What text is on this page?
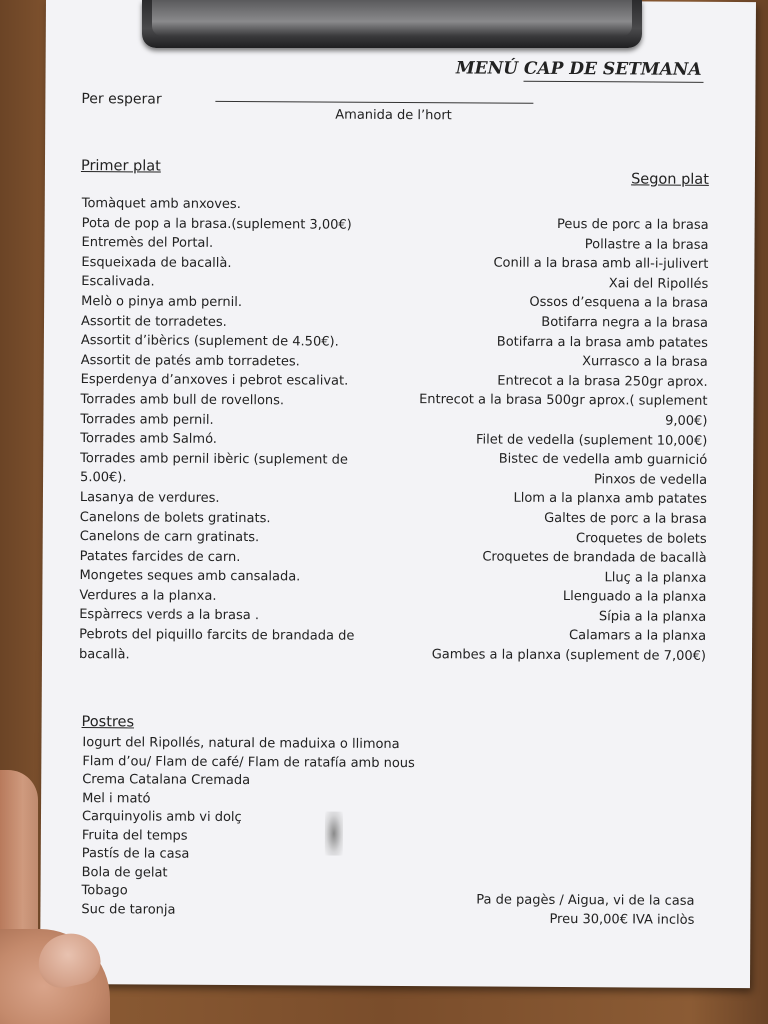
MENÚ CAP DE SETMANA
Per esperar
Amanida de l’hort
Primer plat
Tomàquet amb anxoves.
Pota de pop a la brasa.(suplement 3,00€)
Entremès del Portal.
Esqueixada de bacallà.
Escalivada.
Melò o pinya amb pernil.
Assortit de torradetes.
Assortit d’ibèrics (suplement de 4.50€).
Assortit de patés amb torradetes.
Esperdenya d’anxoves i pebrot escalivat.
Torrades amb bull de rovellons.
Torrades amb pernil.
Torrades amb Salmó.
Torrades amb pernil ibèric (suplement de
5.00€).
Lasanya de verdures.
Canelons de bolets gratinats.
Canelons de carn gratinats.
Patates farcides de carn.
Mongetes seques amb cansalada.
Verdures a la planxa.
Espàrrecs verds a la brasa .
Pebrots del piquillo farcits de brandada de
bacallà.
Segon plat
Peus de porc a la brasa
Pollastre a la brasa
Conill a la brasa amb all-i-julivert
Xai del Ripollés
Ossos d’esquena a la brasa
Botifarra negra a la brasa
Botifarra a la brasa amb patates
Xurrasco a la brasa
Entrecot a la brasa 250gr aprox.
Entrecot a la brasa 500gr aprox.( suplement
9,00€)
Filet de vedella (suplement 10,00€)
Bistec de vedella amb guarnició
Pinxos de vedella
Llom a la planxa amb patates
Galtes de porc a la brasa
Croquetes de bolets
Croquetes de brandada de bacallà
Lluç a la planxa
Llenguado a la planxa
Sípia a la planxa
Calamars a la planxa
Gambes a la planxa (suplement de 7,00€)
Postres
Iogurt del Ripollés, natural de maduixa o llimona
Flam d’ou/ Flam de café/ Flam de ratafía amb nous
Crema Catalana Cremada
Mel i mató
Carquinyolis amb vi dolç
Fruita del temps
Pastís de la casa
Bola de gelat
Tobago
Suc de taronja
Pa de pagès / Aigua, vi de la casa
Preu 30,00€ IVA inclòs
